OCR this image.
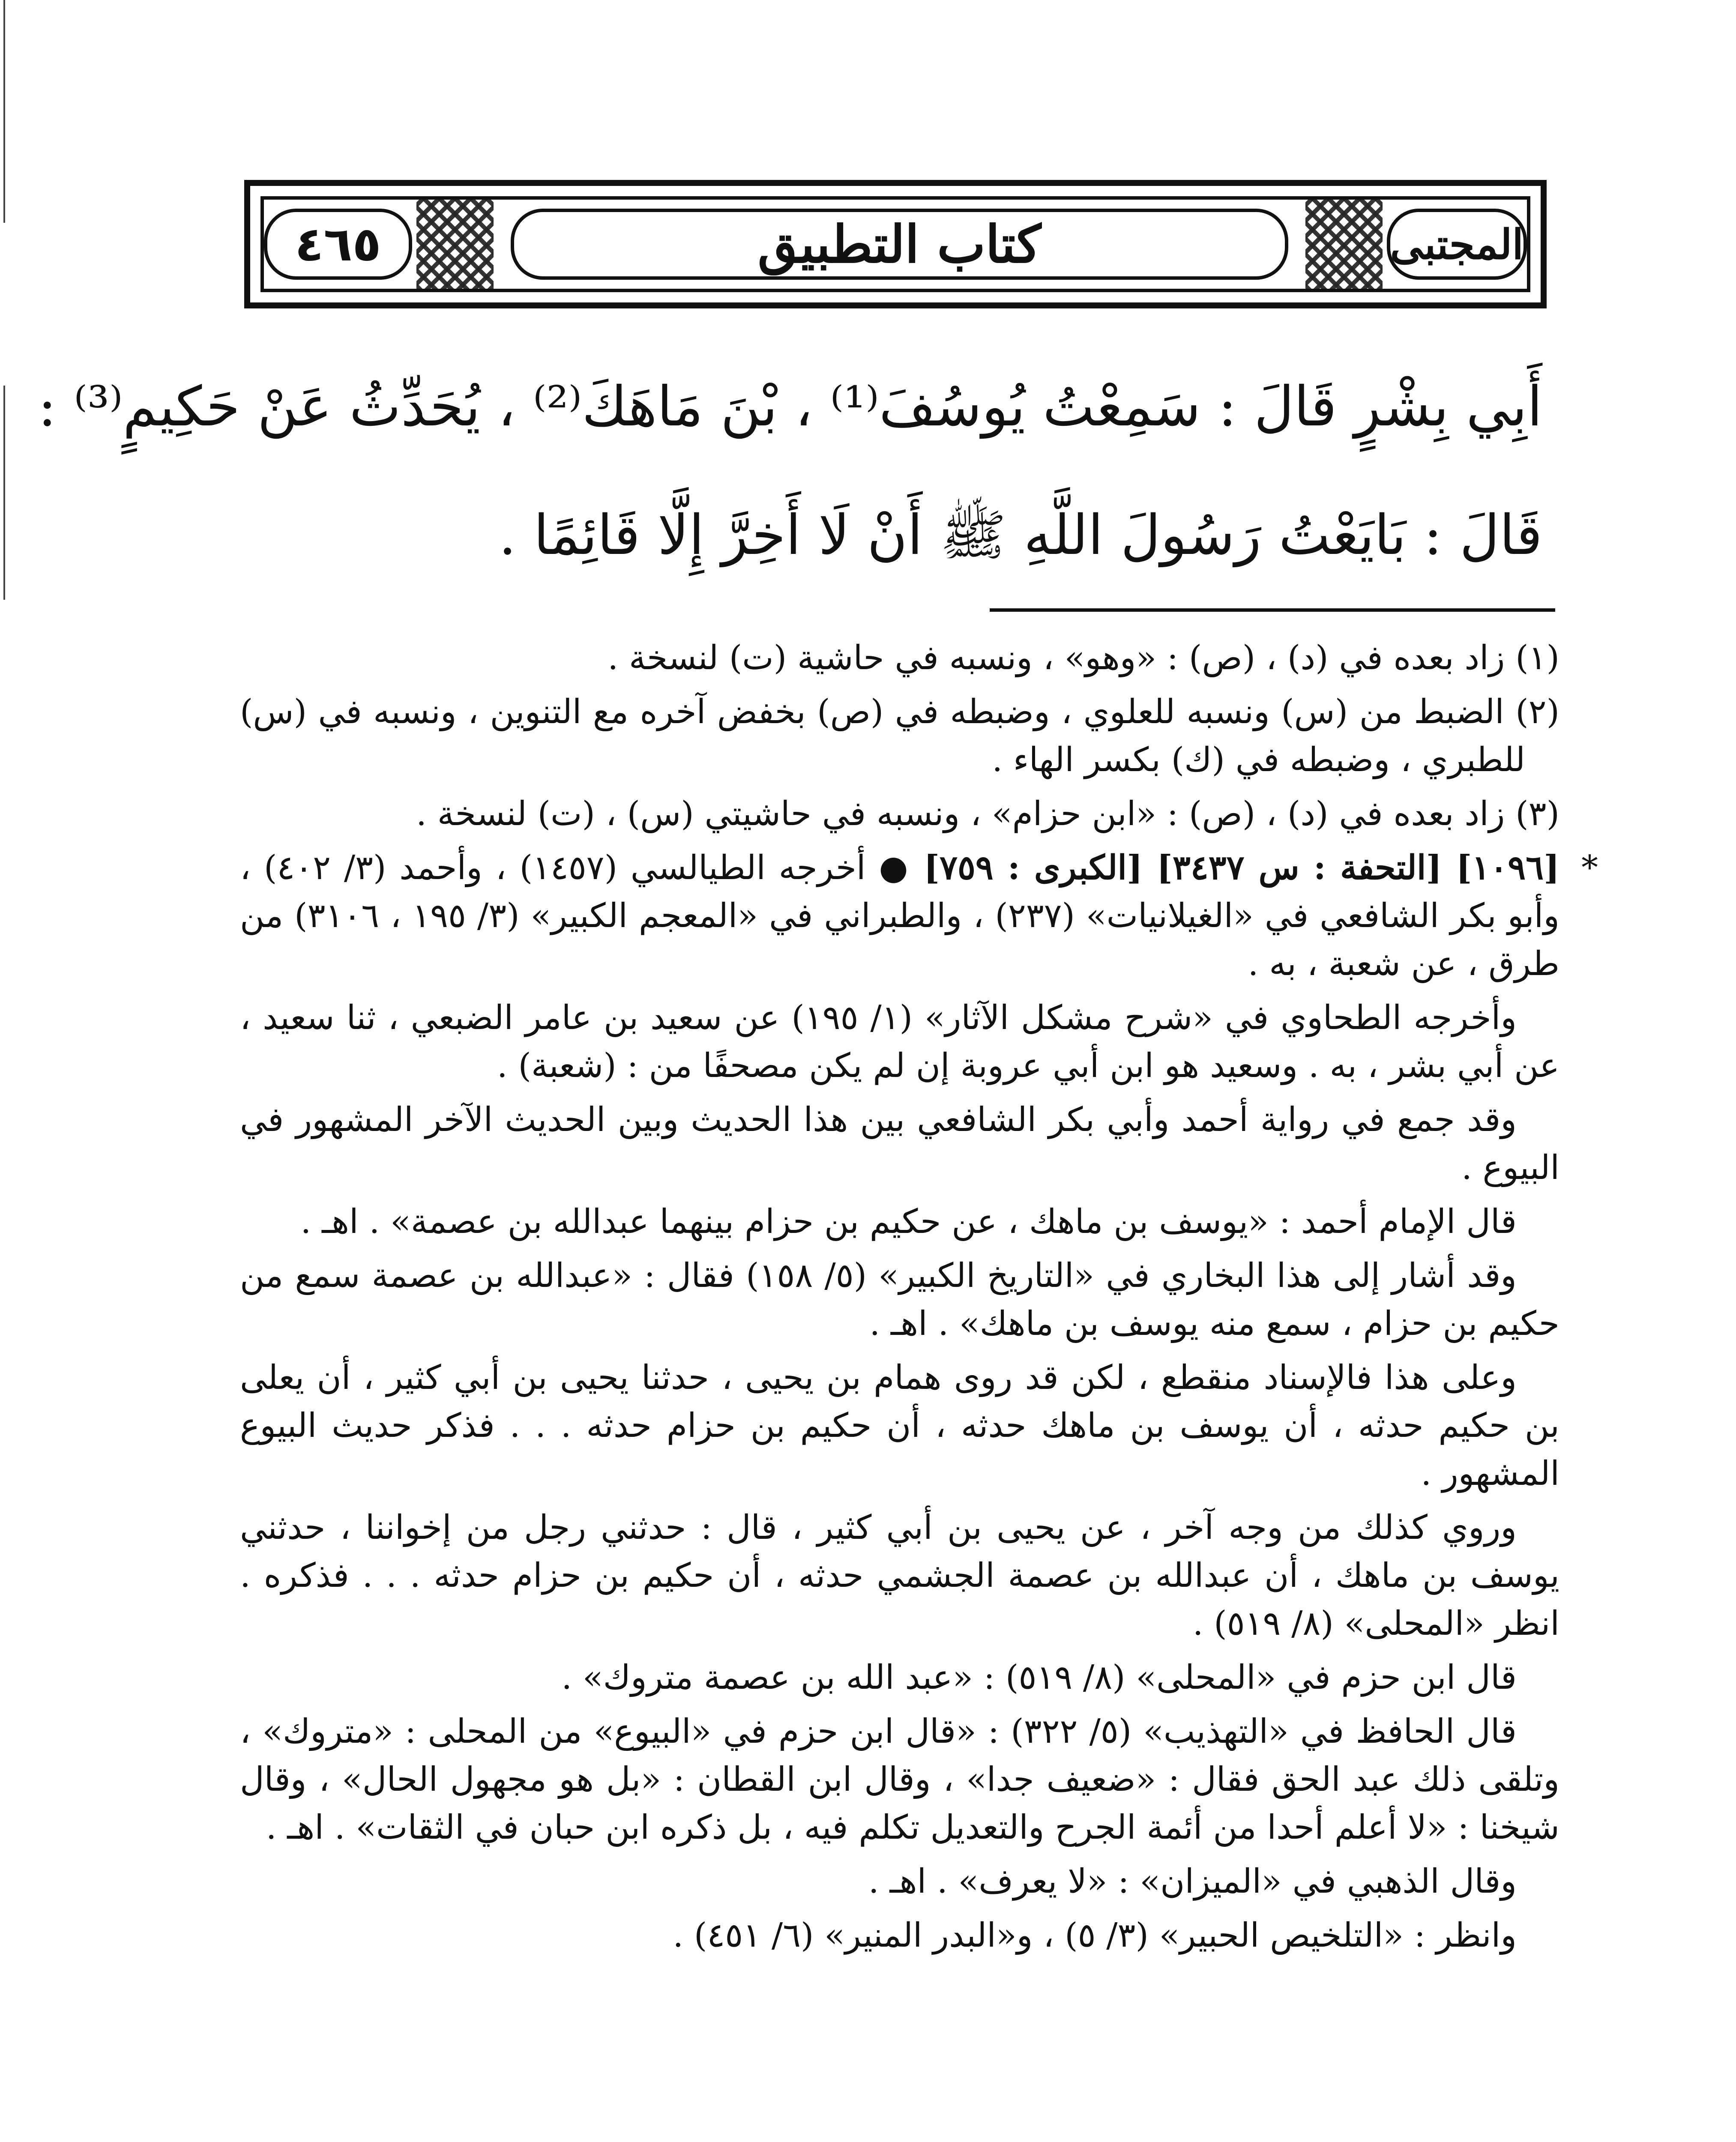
٤٦٥	كتاب التطبيق	المجتبى

أَبِي بِشْرٍ قَالَ : سَمِعْتُ يُوسُفَ⁽¹⁾ ، بْنَ مَاهَكَ⁽²⁾ ، يُحَدِّثُ عَنْ حَكِيمٍ⁽³⁾ :

قَالَ : بَايَعْتُ رَسُولَ اللَّهِ ﷺ أَنْ لَا أَخِرَّ إِلَّا قَائِمًا .

(١) زاد بعده في (د) ، (ص) : «وهو» ، ونسبه في حاشية (ت) لنسخة .

(٢) الضبط من (س) ونسبه للعلوي ، وضبطه في (ص) بخفض آخره مع التنوين ، ونسبه في (س) للطبري ، وضبطه في (ك) بكسر الهاء .

(٣) زاد بعده في (د) ، (ص) : «ابن حزام» ، ونسبه في حاشيتي (س) ، (ت) لنسخة .

*
[١٠٩٦] [التحفة : س ٣٤٣٧] [الكبرى : ٧٥٩] ● أخرجه الطيالسي (١٤٥٧) ، وأحمد (٣/ ٤٠٢) ، وأبو بكر الشافعي في «الغيلانيات» (٢٣٧) ، والطبراني في «المعجم الكبير» (٣/ ١٩٥ ، ٣١٠٦) من طرق ، عن شعبة ، به .

وأخرجه الطحاوي في «شرح مشكل الآثار» (١/ ١٩٥) عن سعيد بن عامر الضبعي ، ثنا سعيد ، عن أبي بشر ، به . وسعيد هو ابن أبي عروبة إن لم يكن مصحفًا من : (شعبة) .

وقد جمع في رواية أحمد وأبي بكر الشافعي بين هذا الحديث وبين الحديث الآخر المشهور في البيوع .

قال الإمام أحمد : «يوسف بن ماهك ، عن حكيم بن حزام بينهما عبدالله بن عصمة» . اهـ .

وقد أشار إلى هذا البخاري في «التاريخ الكبير» (٥/ ١٥٨) فقال : «عبدالله بن عصمة سمع من حكيم بن حزام ، سمع منه يوسف بن ماهك» . اهـ .

وعلى هذا فالإسناد منقطع ، لكن قد روى همام بن يحيى ، حدثنا يحيى بن أبي كثير ، أن يعلى بن حكيم حدثه ، أن يوسف بن ماهك حدثه ، أن حكيم بن حزام حدثه . . . فذكر حديث البيوع المشهور .

وروي كذلك من وجه آخر ، عن يحيى بن أبي كثير ، قال : حدثني رجل من إخواننا ، حدثني يوسف بن ماهك ، أن عبدالله بن عصمة الجشمي حدثه ، أن حكيم بن حزام حدثه . . . فذكره . انظر «المحلى» (٨/ ٥١٩) .

قال ابن حزم في «المحلى» (٨/ ٥١٩) : «عبد الله بن عصمة متروك» .

قال الحافظ في «التهذيب» (٥/ ٣٢٢) : «قال ابن حزم في «البيوع» من المحلى : «متروك» ، وتلقى ذلك عبد الحق فقال : «ضعيف جدا» ، وقال ابن القطان : «بل هو مجهول الحال» ، وقال شيخنا : «لا أعلم أحدا من أئمة الجرح والتعديل تكلم فيه ، بل ذكره ابن حبان في الثقات» . اهـ .

وقال الذهبي في «الميزان» : «لا يعرف» . اهـ .

وانظر : «التلخيص الحبير» (٣/ ٥) ، و«البدر المنير» (٦/ ٤٥١) .
